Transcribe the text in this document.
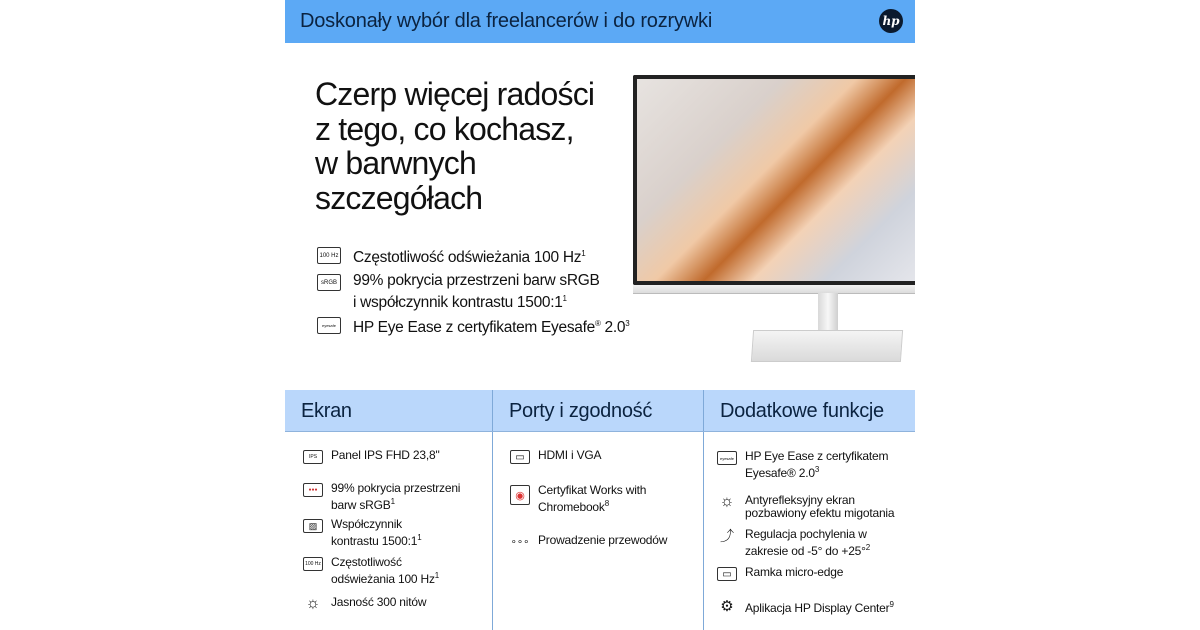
Doskonały wybór dla freelancerów i do rozrywki	hp
Czerp więcej radości
z tego, co kochasz,
w barwnych
szczegółach
100 Hz Częstotliwość odświeżania 100 Hz$^1$
sRGB 99% pokrycia przestrzeni barw sRGB
i współczynnik kontrastu $1500:1^1$
eyesafe	HP Eye Ease z certyfikatem Eyesafe® $2.0^3$
Ekran	Porty i zgodność	Dodatkowe funkcje
IPS	Panel IPS FHD 23,8"
●●●	99% pokrycia przestrzeni
barw sRGB$^1$
▨	Współczynnik
kontrastu $1500:1^1$
100 Hz Częstotliwość
odświeżania 100 Hz$^1$
☼ Jasność 300 nitów
▭	HDMI i VGA
◉	Certyfikat Works with
Chromebook$^8$
∘∘∘ Prowadzenie przewodów
eyesafe HP Eye Ease z certyfikatem
Eyesafe® $2.0^3$
☼ Antyrefleksyjny ekran
pozbawiony efektu migotania
⤴ Regulacja pochylenia w
zakresie od -5° do +25°$^2$
▭	Ramka micro-edge
⚙ Aplikacja HP Display Center$^9$
